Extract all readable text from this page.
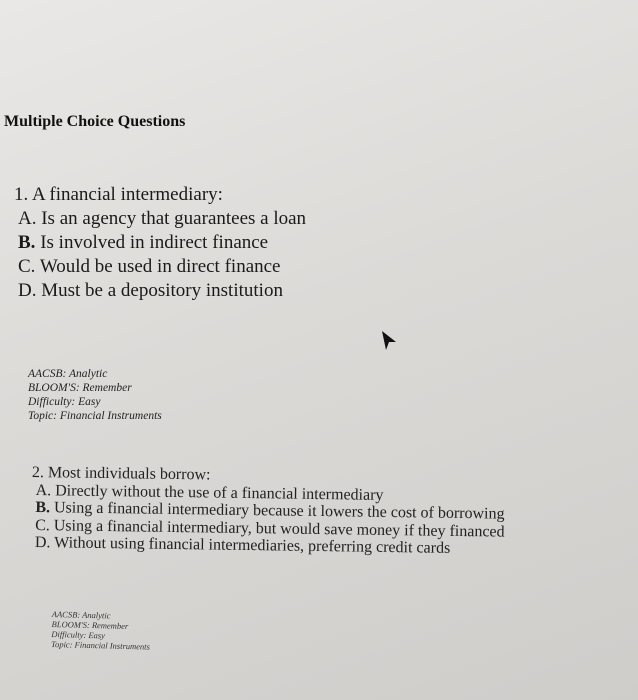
Multiple Choice Questions
1. A financial intermediary:
A. Is an agency that guarantees a loan
B. Is involved in indirect finance
C. Would be used in direct finance
D. Must be a depository institution
AACSB: Analytic
BLOOM'S: Remember
Difficulty: Easy
Topic: Financial Instruments
2. Most individuals borrow:
A. Directly without the use of a financial intermediary
B. Using a financial intermediary because it lowers the cost of borrowing
C. Using a financial intermediary, but would save money if they financed
D. Without using financial intermediaries, preferring credit cards
AACSB: Analytic
BLOOM'S: Remember
Difficulty: Easy
Topic: Financial Instruments
